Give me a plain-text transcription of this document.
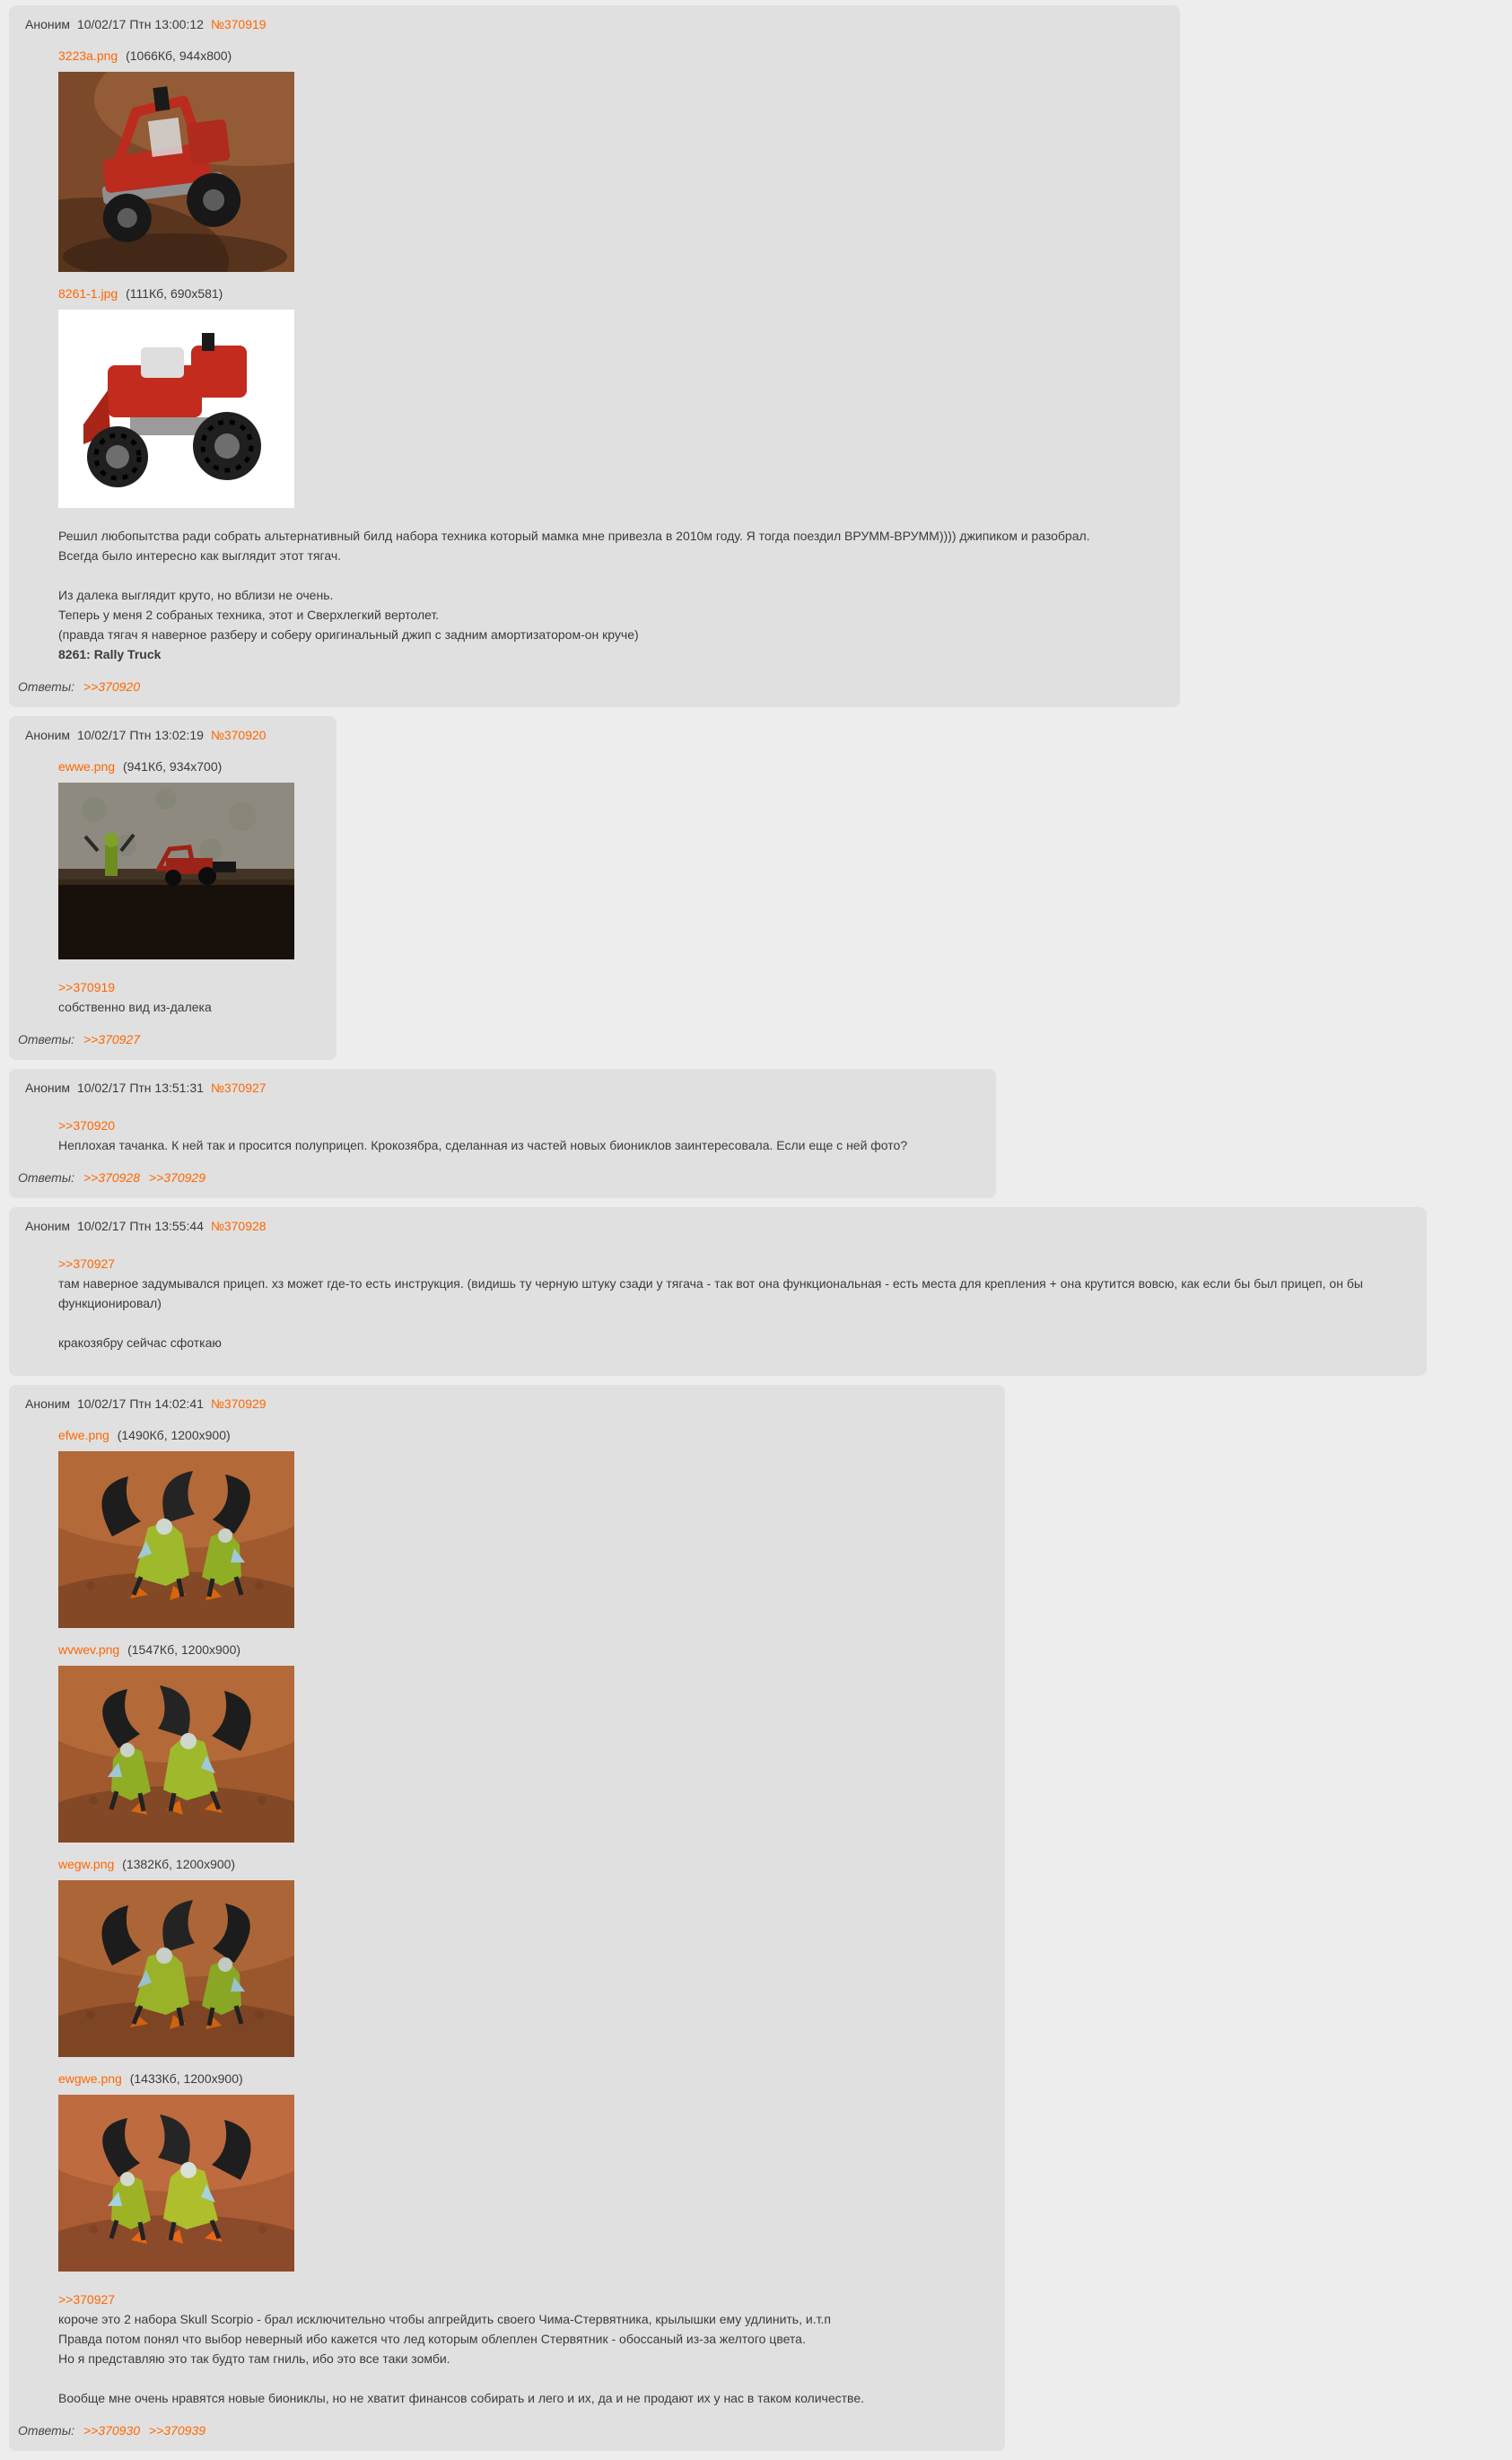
Аноним 10/02/17 Птн 13:00:12 №370919
3223a.png (1066Кб, 944x800)
8261-1.jpg (111Кб, 690x581)
Решил любопытства ради собрать альтернативный билд набора техника который мамка мне привезла в 2010м году. Я тогда поездил ВРУММ-ВРУММ)))) джипиком и разобрал.
Всегда было интересно как выглядит этот тягач.
Из далека выглядит круто, но вблизи не очень.
Теперь у меня 2 собраных техника, этот и Сверхлегкий вертолет.
(правда тягач я наверное разберу и соберу оригинальный джип с задним амортизатором-он круче)
8261: Rally Truck
Ответы: >>370920
Аноним 10/02/17 Птн 13:02:19 №370920
ewwe.png (941Кб, 934x700)
>>370919
собственно вид из-далека
Ответы: >>370927
Аноним 10/02/17 Птн 13:51:31 №370927
>>370920
Неплохая тачанка. К ней так и просится полуприцеп. Крокозябра, сделанная из частей новых биониклов заинтересовала. Если еще с ней фото?
Ответы: >>370928 >>370929
Аноним 10/02/17 Птн 13:55:44 №370928
>>370927
там наверное задумывался прицеп. хз может где-то есть инструкция. (видишь ту черную штуку сзади у тягача - так вот она функциональная - есть места для крепления + она крутится вовсю, как если бы был прицеп, он бы функционировал)
кракозябру сейчас сфоткаю
Аноним 10/02/17 Птн 14:02:41 №370929
efwe.png (1490Кб, 1200x900)
wvwev.png (1547Кб, 1200x900)
wegw.png (1382Кб, 1200x900)
ewgwe.png (1433Кб, 1200x900)
>>370927
короче это 2 набора Skull Scorpio - брал исключительно чтобы апгрейдить своего Чима-Стервятника, крылышки ему удлинить, и.т.п
Правда потом понял что выбор неверный ибо кажется что лед которым облеплен Стервятник - обоссаный из-за желтого цвета.
Но я представляю это так будто там гниль, ибо это все таки зомби.
Вообще мне очень нравятся новые биониклы, но не хватит финансов собирать и лего и их, да и не продают их у нас в таком количестве.
Ответы: >>370930 >>370939
